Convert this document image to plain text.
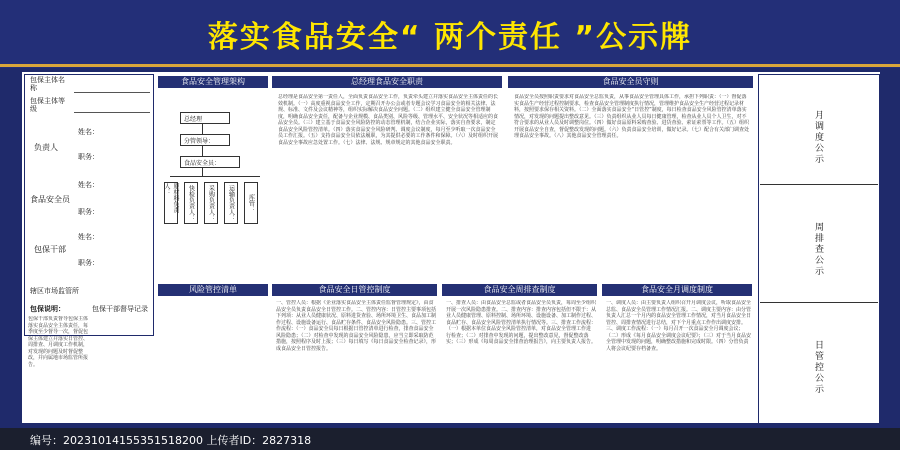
落实食品安全“ 两个责任 ”公示牌
包保主体名称
包保主体等级
负责人
姓名：
职务：
食品安全员
姓名：
职务：
包保干部
姓名：
职务：
辖区市场监管所
食品安全管理架构
总经理
分管领导：
食品安全员：
原材料负责人：	快检负责人：	采购负责人：	运输负责人：	库管：
总经理食品安全职责
总经理是食品安全第一责任人，全面负责食品安全工作，负责牵头建立并落实食品安全主体责任的长效机制。（一）高度重视食品安全工作，定期召开办公会或者专题会议学习食品安全的相关法律、法规、标准、文件及会议精神等，组织实际解决食品安全问题。（二）组织建立健全食品安全管理制度，明确食品安全责任，配备与企业规模、食品类别、风险等级、管理水平、安全状况等相适应的食品安全员。（三）建立基于食品安全风险防控的动态管理机制，结合企业实际，落实自查要求，制定食品安全风险管控清单。（四）落实食品安全风险研判、调度会议制度，每月至少听取一次食品安全员工作汇报。（五）支持食品安全员依法履职，为其提供必要的工作条件和保障。（六）及时组织开展食品安全事故应急处置工作。（七）法律、法规、规章规定的其他食品安全职责。
食品安全员守则
食品安全员按照职责要求对食品安全总监负责，从事食品安全管理具体工作，承担下列职责：（一）督促落实食品生产经营过程控制要求，检查食品安全管理制度执行情况，管理维护食品安全生产经营过程记录材料，按照要求保存相关资料。（二）全面落实食品安全“日管控”制度，每日检查食品安全风险管控清单落实情况，对发现的问题提出整改意见。（三）负责组织从业人员每日健康管理，检查从业人员个人卫生，对不符合要求的从业人员及时调整岗位。（四）做好食品原料采购查验、进货查验、索证索票等工作。（五）组织开展食品安全自查，督促整改发现的问题。（六）负责食品安全培训，做好记录。（七）配合有关部门调查处理食品安全事故。（八）其他食品安全管理责任。	月调度公示
周排查公示
日管控公示
风险管控清单	食品安全日管控制度	食品安全周排查制度	食品安全月调度制度
包保说明：	包保干部督导记录
包保干部负责督导包保主体落实食品安全主体责任，每季度至少督导一次，督促包保主体建立并落实日管控、周排查、月调度工作机制，对发现的问题及时督促整改，并向属地市场监管所报告。
一、管控人员：根据《企业落实食品安全主体责任监督管理规定》，由食品安全员负责食品安全日管控工作。二、管控内容：日管控主要事项包括下列项：从业人员健康状况、原料进货查验、场所环境卫生、食品加工制作过程、设施设备运行、食品贮存条件、食品安全风险隐患。三、管控工作流程：（一）食品安全员每日根据日管控清单进行检查，排查食品安全风险隐患；（二）对检查中发现的食品安全风险隐患，应当立即采取防范措施，按照程序及时上报；（三）每日填写《每日食品安全检查记录》，形成食品安全日管控报告。
一、排查人员：由食品安全总监或者食品安全员负责，每周至少组织开展一次风险隐患排查。二、排查内容：排查内容包括但不限于：从业人员健康管理、原料控制、场所环境、设施设备、加工制作过程、食品贮存、食品安全风险管控清单执行情况等。三、排查工作流程：（一）根据本单位食品安全风险管控清单，对食品安全管理工作进行检查；（二）对排查中发现的问题，提出整改意见，督促整改落实；（三）形成《每周食品安全排查治理报告》，向主要负责人报告。
一、调度人员：由主要负责人组织召开月调度会议，听取食品安全总监、食品安全员管理工作情况汇报。二、调度主要内容：由分管负责人汇总一个月内的食品安全管理工作情况，对当月食品安全日管控、周排查情况进行总结，对下个月重点工作作出调度安排。三、调度工作流程：（一）每月召开一次食品安全月调度会议；（二）形成《每月食品安全调度会议纪要》；（三）对于当月食品安全管理中发现的问题，明确整改措施和完成时限。（四）分管负责人将会议纪要存档备查。
编号：20231014155351518200 上传者ID：2827318
